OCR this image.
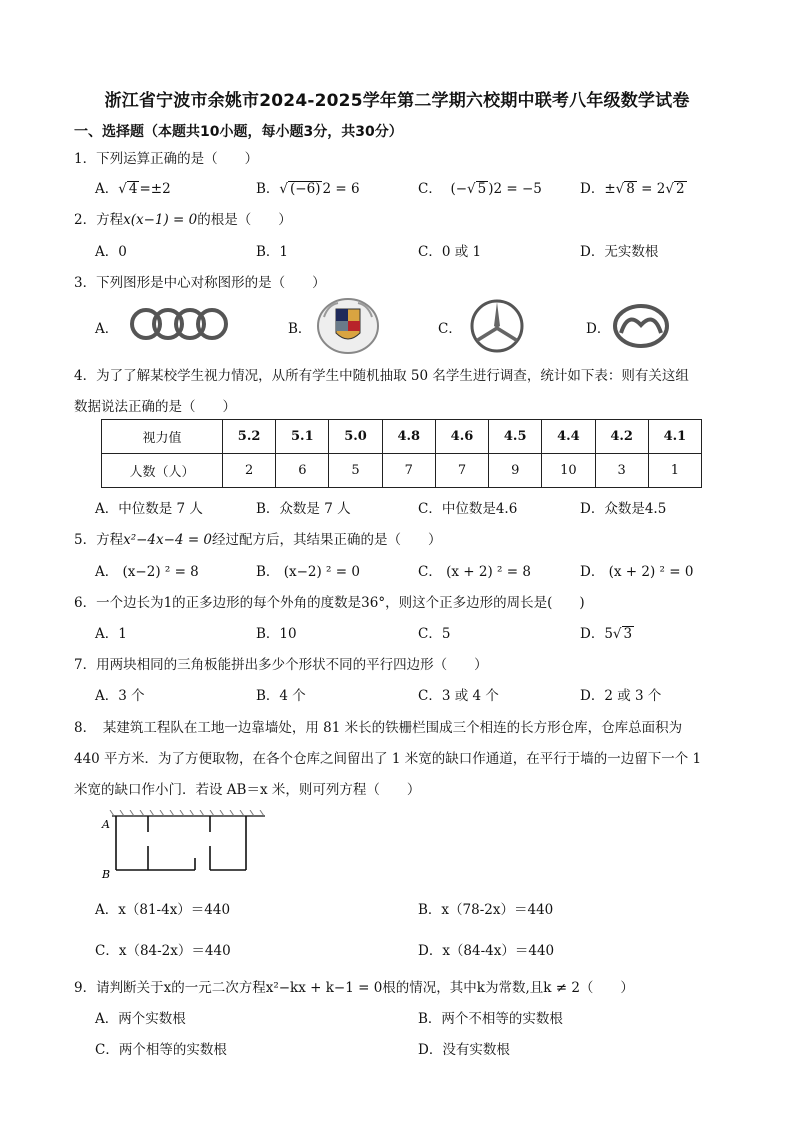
浙江省宁波市余姚市2024-2025学年第二学期六校期中联考八年级数学试卷
一、选择题（本题共10小题，每小题3分，共30分）
1．下列运算正确的是（　　）
A．√ 4 =±2	B．√ (−6) 2 = 6	C． (−√ 5 )2 = −5	D．±√ 8 = 2√ 2
2．方程x(x−1) = 0的根是（　　）
A．0	B．1	C．0 或 1	D．无实数根
3．下列图形是中心对称图形的是（　　）
A．	B．	C．	D．
4．为了了解某校学生视力情况，从所有学生中随机抽取 50 名学生进行调查，统计如下表：则有关这组
数据说法正确的是（　　）
视力值	5.2	5.1	5.0	4.8	4.6	4.5	4.4	4.2	4.1
人数（人）	2	6	5	7	7	9	10	3	1
A．中位数是 7 人	B．众数是 7 人	C．中位数是4.6	D．众数是4.5
5．方程x²−4x−4 = 0经过配方后，其结果正确的是（　　）
A． (x−2) ² = 8	B． (x−2) ² = 0	C． (x + 2) ² = 8	D． (x + 2) ² = 0
6．一个边长为1的正多边形的每个外角的度数是36°，则这个正多边形的周长是(　　)
A．1	B．10	C．5	D．5√ 3
7．用两块相同的三角板能拼出多少个形状不同的平行四边形（　　）
A．3 个	B．4 个	C．3 或 4 个	D．2 或 3 个
8．　某建筑工程队在工地一边靠墙处，用 81 米长的铁栅栏围成三个相连的长方形仓库，仓库总面积为
440 平方米．为了方便取物，在各个仓库之间留出了 1 米宽的缺口作通道，在平行于墙的一边留下一个 1
米宽的缺口作小门．若设 AB＝x 米，则可列方程（　　）
A
B
A．x（81-4x）＝440	B．x（78-2x）＝440
C．x（84-2x）＝440	D．x（84-4x）＝440
9．请判断关于x的一元二次方程x²−kx + k−1 = 0根的情况，其中k为常数,且k ≠ 2（　　）
A．两个实数根	B．两个不相等的实数根
C．两个相等的实数根	D．没有实数根
